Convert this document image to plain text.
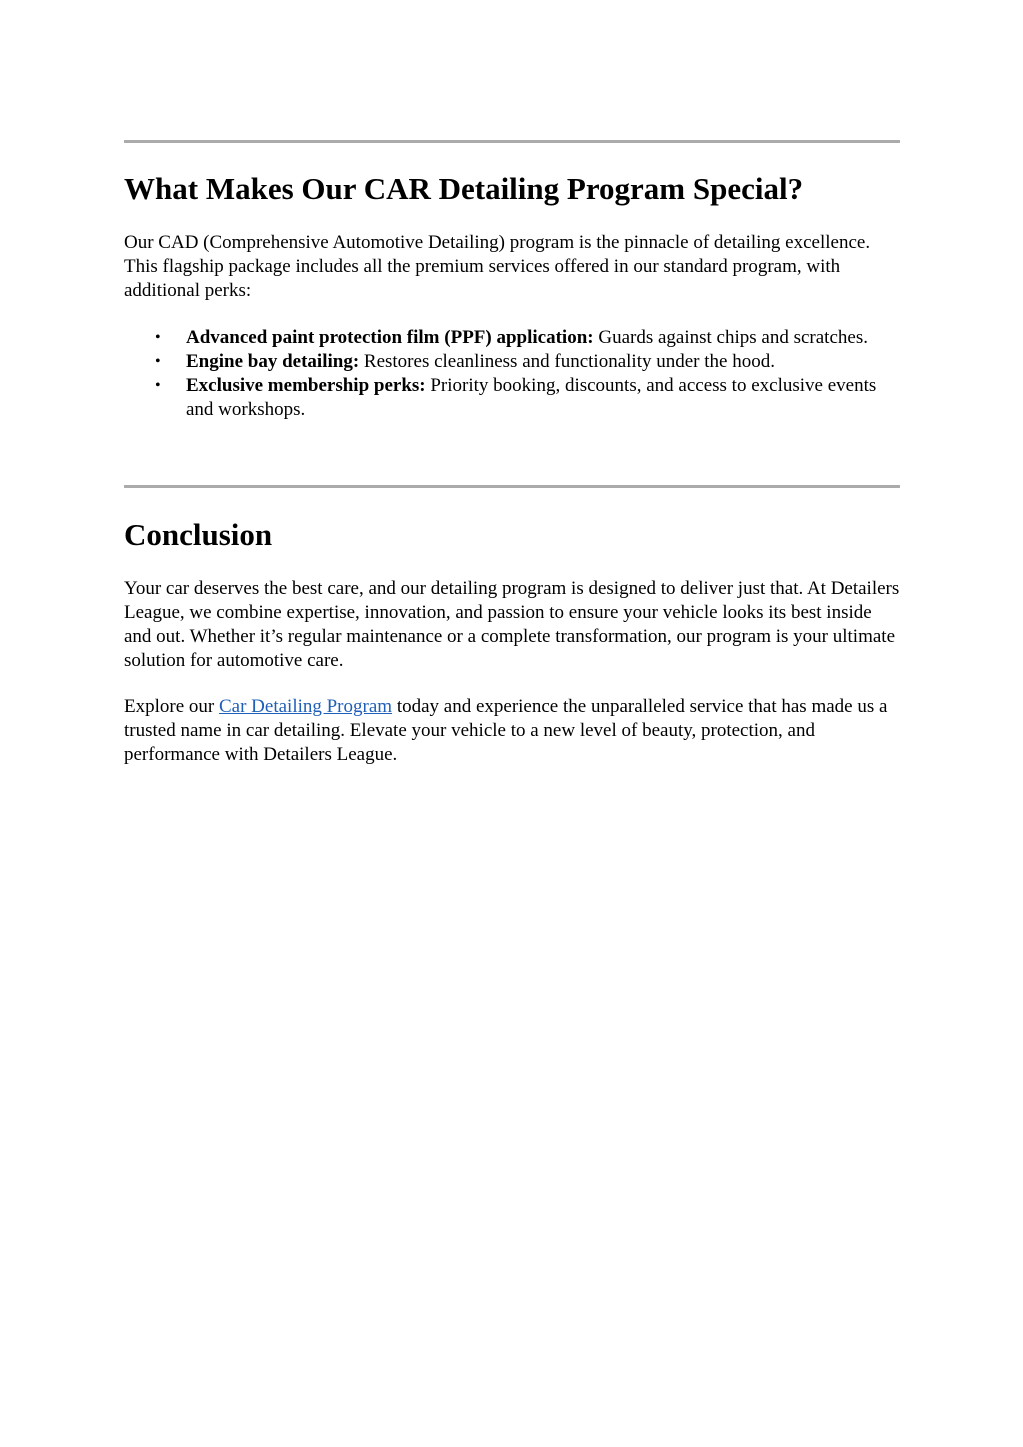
What Makes Our CAR Detailing Program Special?

Our CAD (Comprehensive Automotive Detailing) program is the pinnacle of detailing excellence. This flagship package includes all the premium services offered in our standard program, with additional perks:

• Advanced paint protection film (PPF) application: Guards against chips and scratches.
• Engine bay detailing: Restores cleanliness and functionality under the hood.
• Exclusive membership perks: Priority booking, discounts, and access to exclusive events and workshops.
Conclusion

Your car deserves the best care, and our detailing program is designed to deliver just that. At Detailers League, we combine expertise, innovation, and passion to ensure your vehicle looks its best inside and out. Whether it’s regular maintenance or a complete transformation, our program is your ultimate solution for automotive care.

Explore our Car Detailing Program today and experience the unparalleled service that has made us a trusted name in car detailing. Elevate your vehicle to a new level of beauty, protection, and performance with Detailers League.
